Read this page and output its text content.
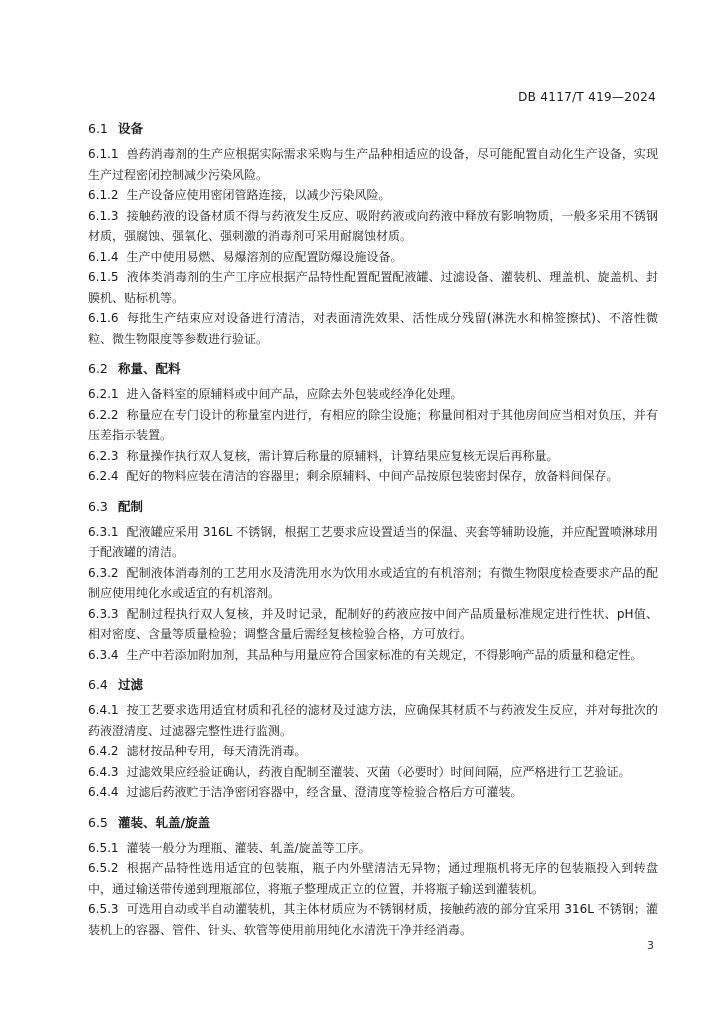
DB 4117/T 419—2024
6.1 设备

6.1.1 兽药消毒剂的生产应根据实际需求采购与生产品种相适应的设备，尽可能配置自动化生产设备，实现生产过程密闭控制减少污染风险。

6.1.2 生产设备应使用密闭管路连接，以减少污染风险。

6.1.3 接触药液的设备材质不得与药液发生反应、吸附药液或向药液中释放有影响物质，一般多采用不锈钢材质，强腐蚀、强氧化、强刺激的消毒剂可采用耐腐蚀材质。

6.1.4 生产中使用易燃、易爆溶剂的应配置防爆设施设备。

6.1.5 液体类消毒剂的生产工序应根据产品特性配置配置配液罐、过滤设备、灌装机、理盖机、旋盖机、封膜机、贴标机等。

6.1.6 每批生产结束应对设备进行清洁，对表面清洗效果、活性成分残留(淋洗水和棉签擦拭)、不溶性微粒、微生物限度等参数进行验证。

6.2 称量、配料

6.2.1 进入备料室的原辅料或中间产品，应除去外包装或经净化处理。

6.2.2 称量应在专门设计的称量室内进行，有相应的除尘设施；称量间相对于其他房间应当相对负压，并有压差指示装置。

6.2.3 称量操作执行双人复核，需计算后称量的原辅料，计算结果应复核无误后再称量。

6.2.4 配好的物料应装在清洁的容器里；剩余原辅料、中间产品按原包装密封保存，放备料间保存。

6.3 配制

6.3.1 配液罐应采用 316L 不锈钢，根据工艺要求应设置适当的保温、夹套等辅助设施，并应配置喷淋球用于配液罐的清洁。

6.3.2 配制液体消毒剂的工艺用水及清洗用水为饮用水或适宜的有机溶剂；有微生物限度检查要求产品的配制应使用纯化水或适宜的有机溶剂。

6.3.3 配制过程执行双人复核，并及时记录，配制好的药液应按中间产品质量标准规定进行性状、pH值、相对密度、含量等质量检验；调整含量后需经复核检验合格，方可放行。

6.3.4 生产中若添加附加剂，其品种与用量应符合国家标准的有关规定，不得影响产品的质量和稳定性。

6.4 过滤

6.4.1 按工艺要求选用适宜材质和孔径的滤材及过滤方法，应确保其材质不与药液发生反应，并对每批次的药液澄清度、过滤器完整性进行监测。

6.4.2 滤材按品种专用，每天清洗消毒。

6.4.3 过滤效果应经验证确认，药液自配制至灌装、灭菌（必要时）时间间隔，应严格进行工艺验证。

6.4.4 过滤后药液贮于洁净密闭容器中，经含量、澄清度等检验合格后方可灌装。

6.5 灌装、轧盖/旋盖

6.5.1 灌装一般分为理瓶、灌装、轧盖/旋盖等工序。

6.5.2 根据产品特性选用适宜的包装瓶，瓶子内外壁清洁无异物；通过理瓶机将无序的包装瓶投入到转盘中，通过输送带传递到理瓶部位，将瓶子整理成正立的位置，并将瓶子输送到灌装机。

6.5.3 可选用自动或半自动灌装机，其主体材质应为不锈钢材质，接触药液的部分宜采用 316L 不锈钢；灌装机上的容器、管件、针头、软管等使用前用纯化水清洗干净并经消毒。

3
